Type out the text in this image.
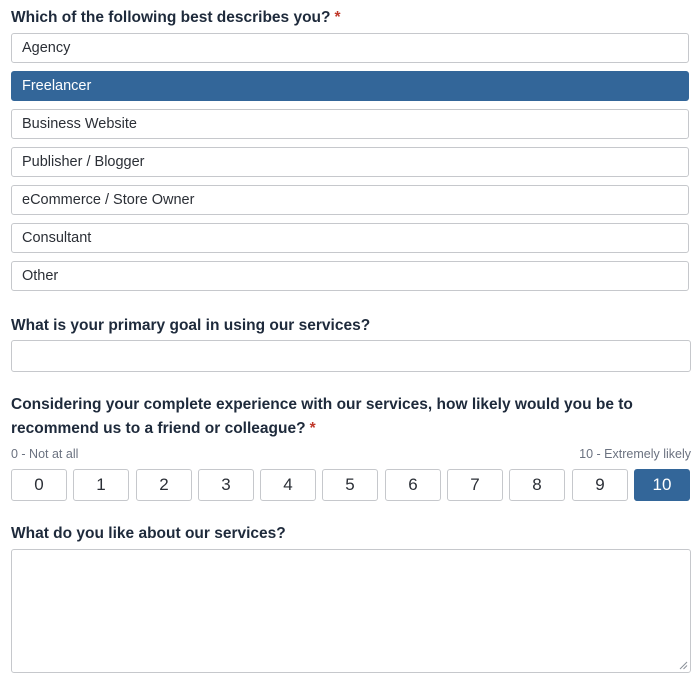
Which of the following best describes you? *
Agency
Freelancer
Business Website
Publisher / Blogger
eCommerce / Store Owner
Consultant
Other
What is your primary goal in using our services?
Considering your complete experience with our services, how likely would you be to
recommend us to a friend or colleague? *
0 - Not at all	10 - Extremely likely
0	1	2	3	4	5	6	7	8	9	10
What do you like about our services?
